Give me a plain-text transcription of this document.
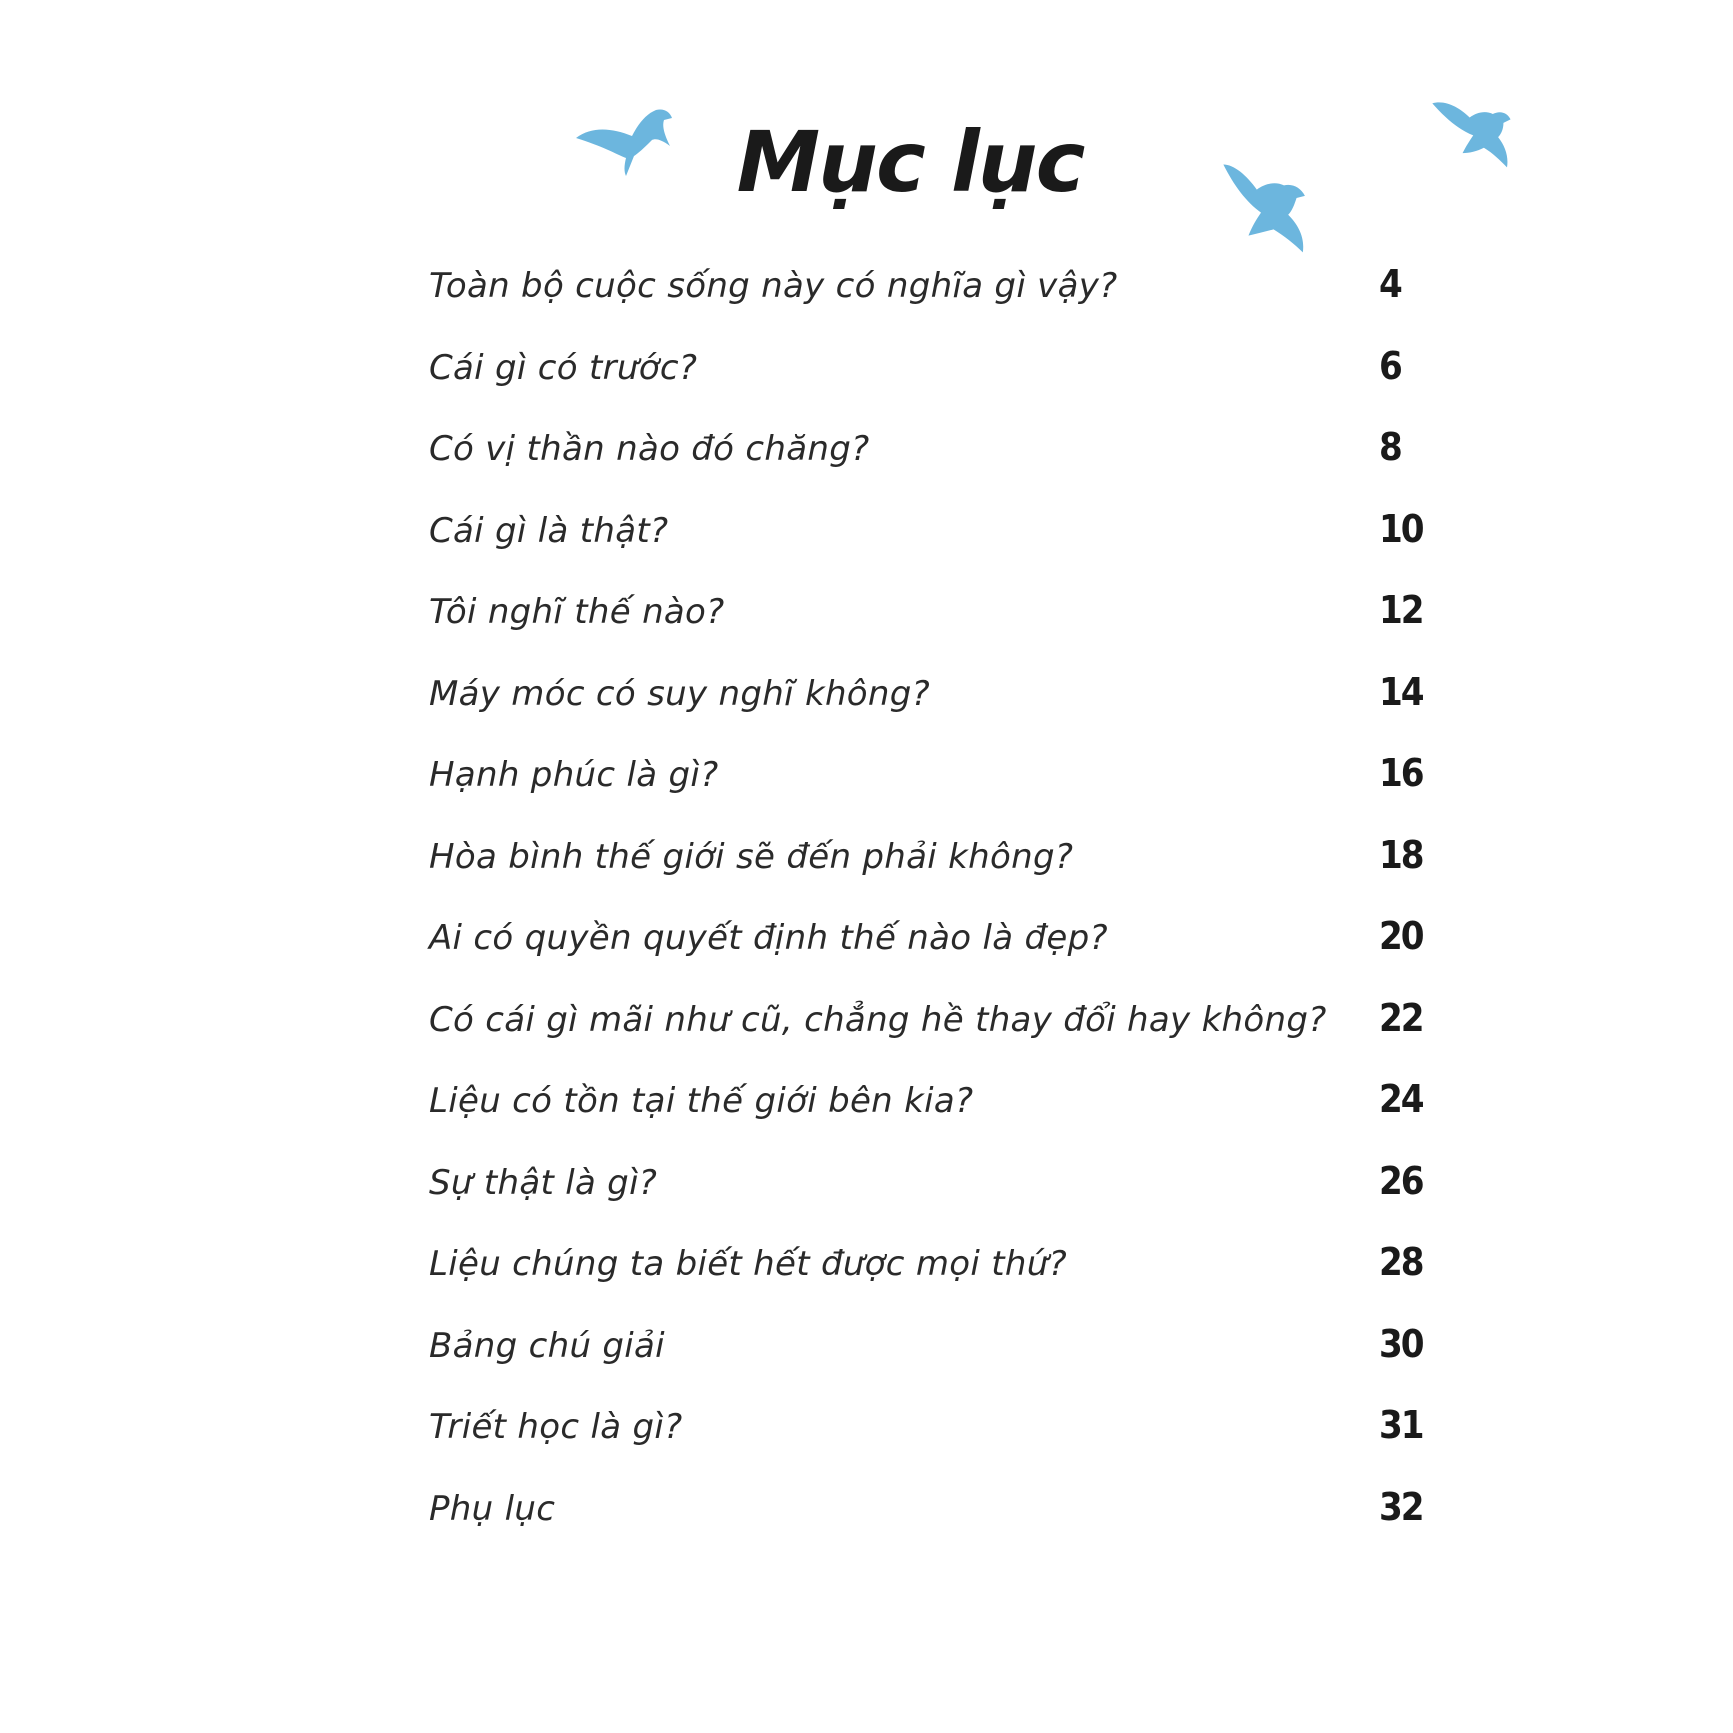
Mục lục
Toàn bộ cuộc sống này có nghĩa gì vậy?	4
Cái gì có trước?	6
Có vị thần nào đó chăng?	8
Cái gì là thật?	10
Tôi nghĩ thế nào?	12
Máy móc có suy nghĩ không?	14
Hạnh phúc là gì?	16
Hòa bình thế giới sẽ đến phải không?	18
Ai có quyền quyết định thế nào là đẹp?	20
Có cái gì mãi như cũ, chẳng hề thay đổi hay không? 22
Liệu có tồn tại thế giới bên kia?	24
Sự thật là gì?	26
Liệu chúng ta biết hết được mọi thứ?	28
Bảng chú giải	30
Triết học là gì?	31
Phụ lục	32
